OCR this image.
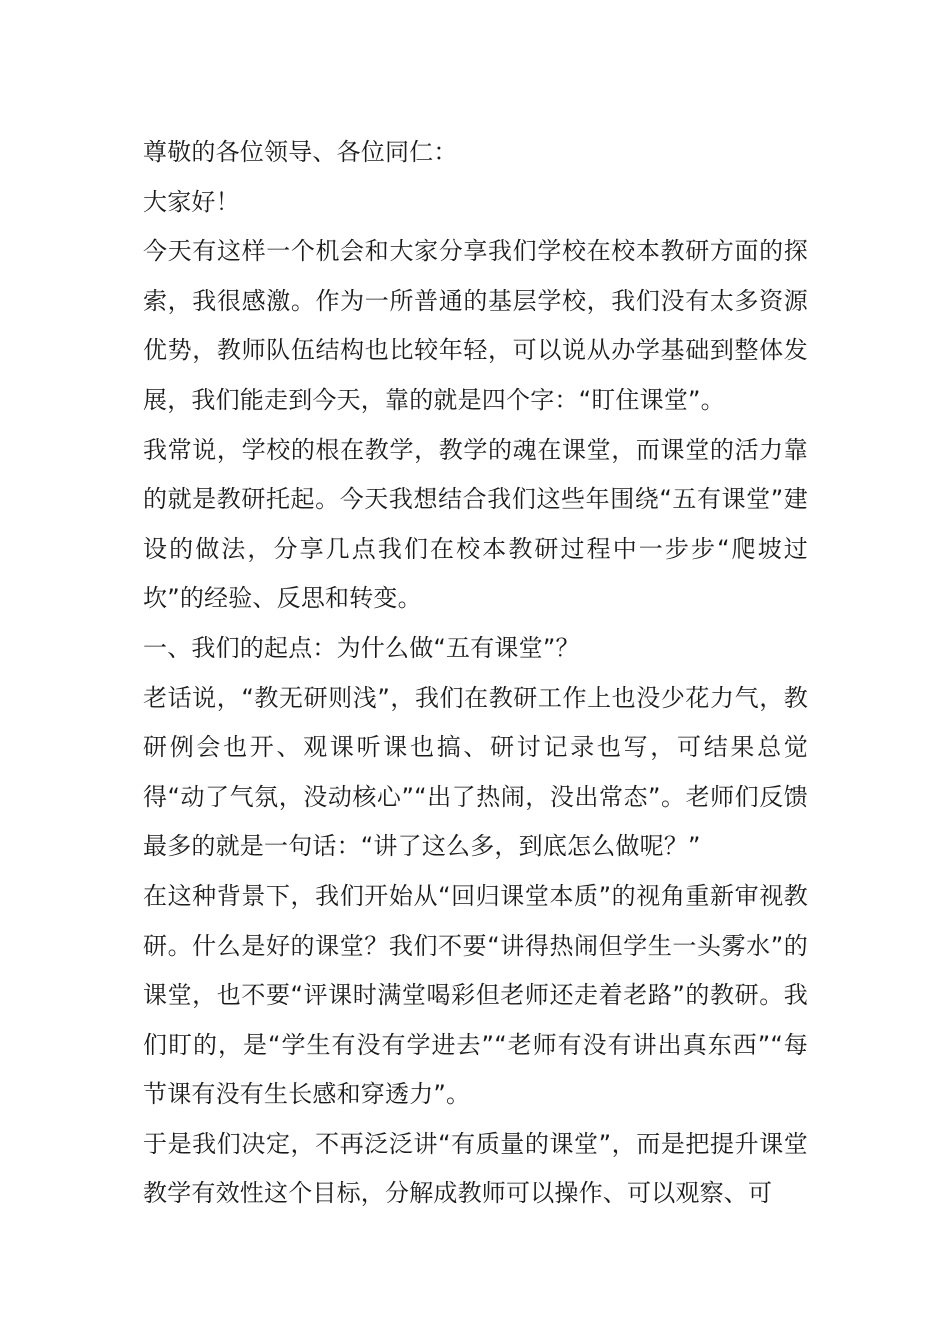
尊敬的各位领导、各位同仁：

大家好！

今天有这样一个机会和大家分享我们学校在校本教研方面的探索，我很感激。作为一所普通的基层学校，我们没有太多资源优势，教师队伍结构也比较年轻，可以说从办学基础到整体发展，我们能走到今天，靠的就是四个字：“盯住课堂”。

我常说，学校的根在教学，教学的魂在课堂，而课堂的活力靠的就是教研托起。今天我想结合我们这些年围绕“五有课堂”建设的做法，分享几点我们在校本教研过程中一步步“爬坡过坎”的经验、反思和转变。

一、我们的起点：为什么做“五有课堂”？

老话说，“教无研则浅”，我们在教研工作上也没少花力气，教研例会也开、观课听课也搞、研讨记录也写，可结果总觉得“动了气氛，没动核心”“出了热闹，没出常态”。老师们反馈最多的就是一句话：“讲了这么多，到底怎么做呢？”

在这种背景下，我们开始从“回归课堂本质”的视角重新审视教研。什么是好的课堂？我们不要“讲得热闹但学生一头雾水”的课堂，也不要“评课时满堂喝彩但老师还走着老路”的教研。我们盯的，是“学生有没有学进去”“老师有没有讲出真东西”“每节课有没有生长感和穿透力”。

于是我们决定，不再泛泛讲“有质量的课堂”，而是把提升课堂教学有效性这个目标，分解成教师可以操作、可以观察、可
